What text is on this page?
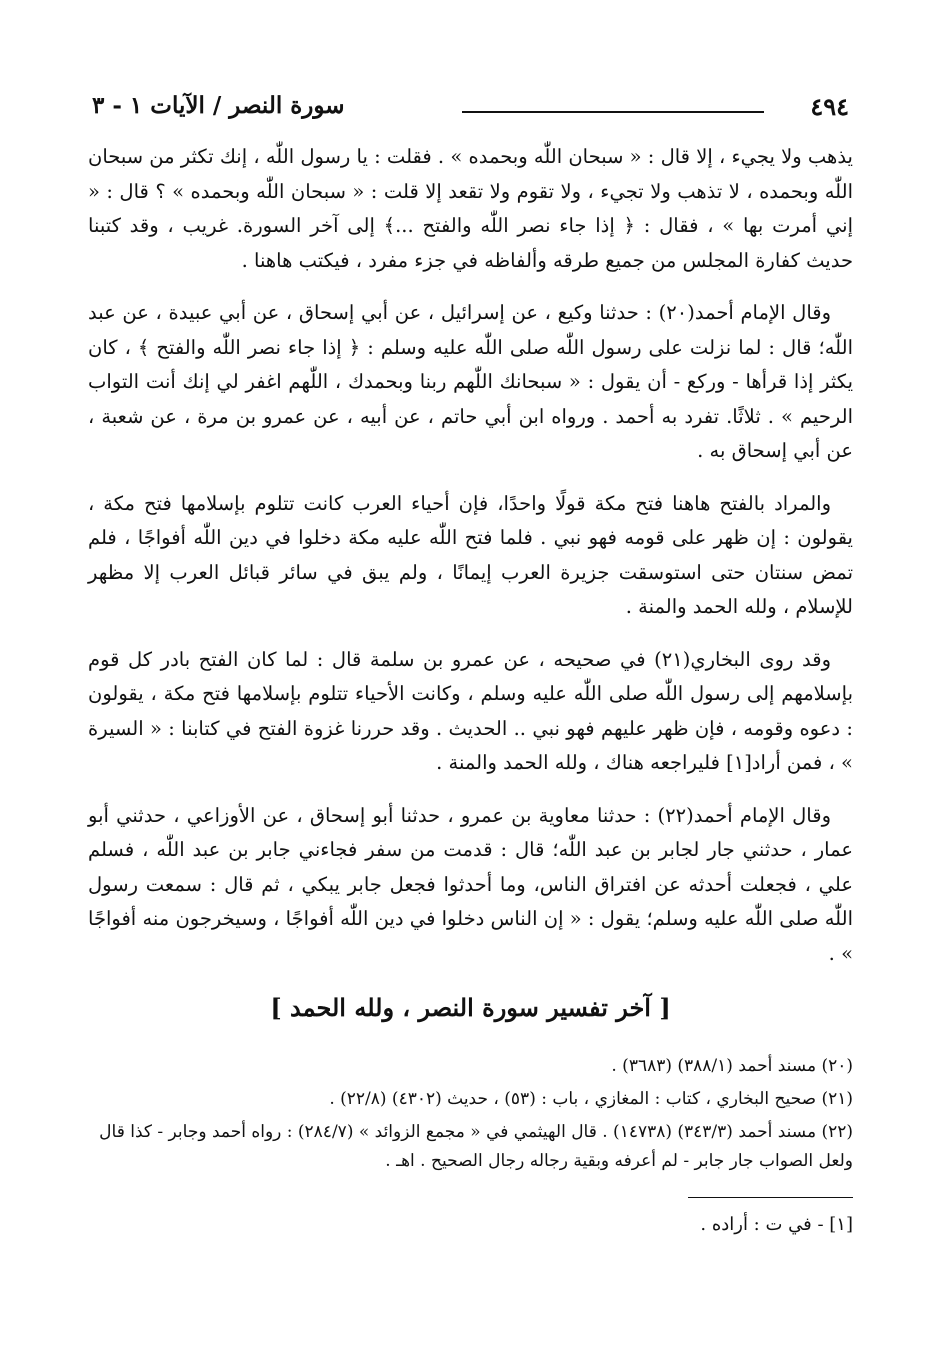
٤٩٤
سورة النصر / الآيات ١ - ٣

يذهب ولا يجيء ، إلا قال : « سبحان اللّٰه وبحمده » . فقلت : يا رسول اللّٰه ، إنك تكثر من سبحان اللّٰه وبحمده ، لا تذهب ولا تجيء ، ولا تقوم ولا تقعد إلا قلت : « سبحان اللّٰه وبحمده » ؟ قال : « إني أمرت بها » ، فقال : ﴿ إذا جاء نصر اللّٰه والفتح ...﴾ إلى آخر السورة. غريب ، وقد كتبنا حديث كفارة المجلس من جميع طرقه وألفاظه في جزء مفرد ، فيكتب هاهنا .

وقال الإمام أحمد(٢٠) : حدثنا وكيع ، عن إسرائيل ، عن أبي إسحاق ، عن أبي عبيدة ، عن عبد اللّٰه؛ قال : لما نزلت على رسول اللّٰه صلى اللّٰه عليه وسلم : ﴿ إذا جاء نصر اللّٰه والفتح ﴾ ، كان يكثر إذا قرأها - وركع - أن يقول : « سبحانك اللّٰهم ربنا وبحمدك ، اللّٰهم اغفر لي إنك أنت التواب الرحيم » . ثلاثًا. تفرد به أحمد . ورواه ابن أبي حاتم ، عن أبيه ، عن عمرو بن مرة ، عن شعبة ، عن أبي إسحاق به .

والمراد بالفتح هاهنا فتح مكة قولًا واحدًا، فإن أحياء العرب كانت تتلوم بإسلامها فتح مكة ، يقولون : إن ظهر على قومه فهو نبي . فلما فتح اللّٰه عليه مكة دخلوا في دين اللّٰه أفواجًا ، فلم تمض سنتان حتى استوسقت جزيرة العرب إيمانًا ، ولم يبق في سائر قبائل العرب إلا مظهر للإسلام ، ولله الحمد والمنة .

وقد روى البخاري(٢١) في صحيحه ، عن عمرو بن سلمة قال : لما كان الفتح بادر كل قوم بإسلامهم إلى رسول اللّٰه صلى اللّٰه عليه وسلم ، وكانت الأحياء تتلوم بإسلامها فتح مكة ، يقولون : دعوه وقومه ، فإن ظهر عليهم فهو نبي .. الحديث . وقد حررنا غزوة الفتح في كتابنا : « السيرة » ، فمن أراد[١] فليراجعه هناك ، ولله الحمد والمنة .

وقال الإمام أحمد(٢٢) : حدثنا معاوية بن عمرو ، حدثنا أبو إسحاق ، عن الأوزاعي ، حدثني أبو عمار ، حدثني جار لجابر بن عبد اللّٰه؛ قال : قدمت من سفر فجاءني جابر بن عبد اللّٰه ، فسلم علي ، فجعلت أحدثه عن افتراق الناس، وما أحدثوا فجعل جابر يبكي ، ثم قال : سمعت رسول اللّٰه صلى اللّٰه عليه وسلم؛ يقول : « إن الناس دخلوا في دين اللّٰه أفواجًا ، وسيخرجون منه أفواجًا » .

[ آخر تفسير سورة النصر ، ولله الحمد ]

(٢٠) مسند أحمد (٣٨٨/١) (٣٦٨٣) .

(٢١) صحيح البخاري ، كتاب : المغازي ، باب : (٥٣) ، حديث (٤٣٠٢) (٢٢/٨) .

(٢٢) مسند أحمد (٣٤٣/٣) (١٤٧٣٨) . قال الهيثمي في « مجمع الزوائد » (٢٨٤/٧) : رواه أحمد وجابر - كذا قال ولعل الصواب جار جابر - لم أعرفه وبقية رجاله رجال الصحيح . اهـ .

[١] - في ت : أراده .
